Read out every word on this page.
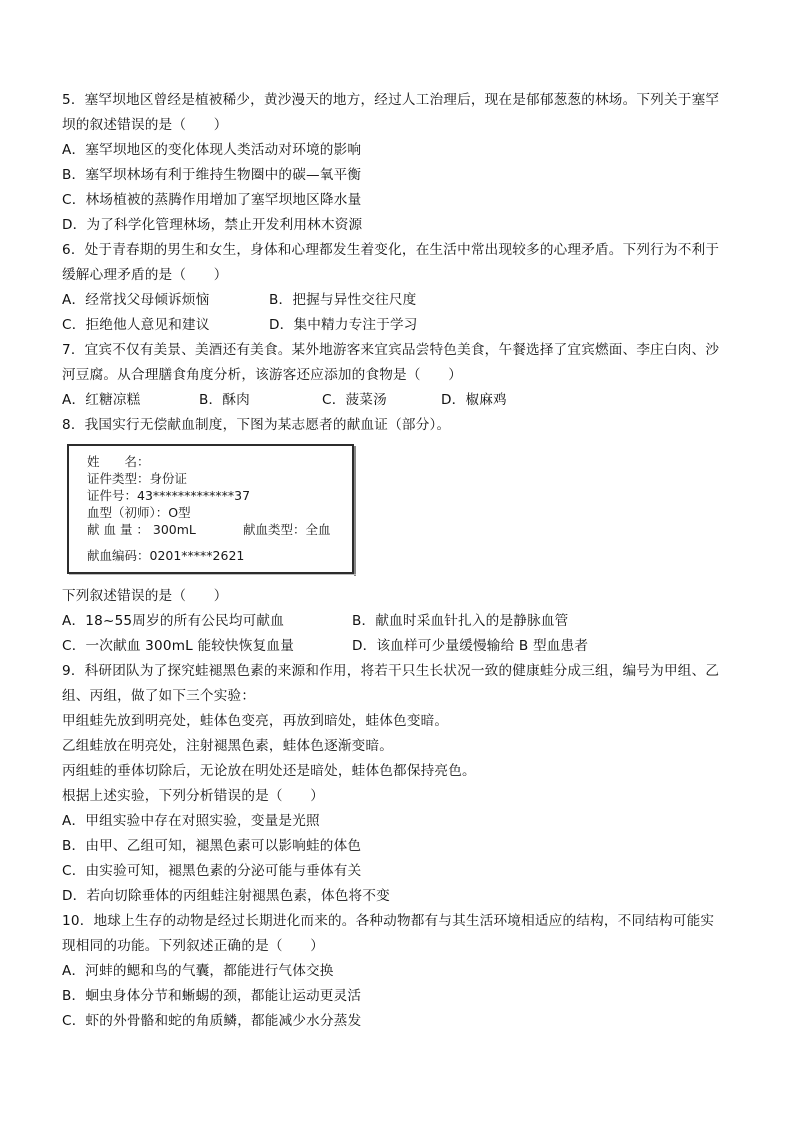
5．塞罕坝地区曾经是植被稀少，黄沙漫天的地方，经过人工治理后，现在是郁郁葱葱的林场。下列关于塞罕
坝的叙述错误的是（　　）
A．塞罕坝地区的变化体现人类活动对环境的影响
B．塞罕坝林场有利于维持生物圈中的碳—氧平衡
C．林场植被的蒸腾作用增加了塞罕坝地区降水量
D．为了科学化管理林场，禁止开发利用林木资源
6．处于青春期的男生和女生，身体和心理都发生着变化，在生活中常出现较多的心理矛盾。下列行为不利于
缓解心理矛盾的是（　　）
A．经常找父母倾诉烦恼	B．把握与异性交往尺度
C．拒绝他人意见和建议	D．集中精力专注于学习
7．宜宾不仅有美景、美酒还有美食。某外地游客来宜宾品尝特色美食，午餐选择了宜宾燃面、李庄白肉、沙
河豆腐。从合理膳食角度分析，该游客还应添加的食物是（　　）
A．红糖凉糕	B．酥肉	C．菠菜汤	D．椒麻鸡
8．我国实行无偿献血制度，下图为某志愿者的献血证（部分）。
姓　　名：
证件类型：身份证
证件号：43*************37
血型（初师）：O型
献 血 量 ： 300mL	献血类型：全血
献血编码：0201*****2621
下列叙述错误的是（　　）
A．18~55周岁的所有公民均可献血	B．献血时采血针扎入的是静脉血管
C．一次献血 300mL 能较快恢复血量	D．该血样可少量缓慢输给 B 型血患者
9．科研团队为了探究蛙褪黑色素的来源和作用，将若干只生长状况一致的健康蛙分成三组，编号为甲组、乙
组、丙组，做了如下三个实验：
甲组蛙先放到明亮处，蛙体色变亮，再放到暗处，蛙体色变暗。
乙组蛙放在明亮处，注射褪黑色素，蛙体色逐渐变暗。
丙组蛙的垂体切除后，无论放在明处还是暗处，蛙体色都保持亮色。
根据上述实验，下列分析错误的是（　　）
A．甲组实验中存在对照实验，变量是光照
B．由甲、乙组可知，褪黑色素可以影响蛙的体色
C．由实验可知，褪黑色素的分泌可能与垂体有关
D．若向切除垂体的丙组蛙注射褪黑色素，体色将不变
10．地球上生存的动物是经过长期进化而来的。各种动物都有与其生活环境相适应的结构，不同结构可能实
现相同的功能。下列叙述正确的是（　　）
A．河蚌的鳃和鸟的气囊，都能进行气体交换
B．蛔虫身体分节和蜥蜴的颈，都能让运动更灵活
C．虾的外骨骼和蛇的角质鳞，都能减少水分蒸发
